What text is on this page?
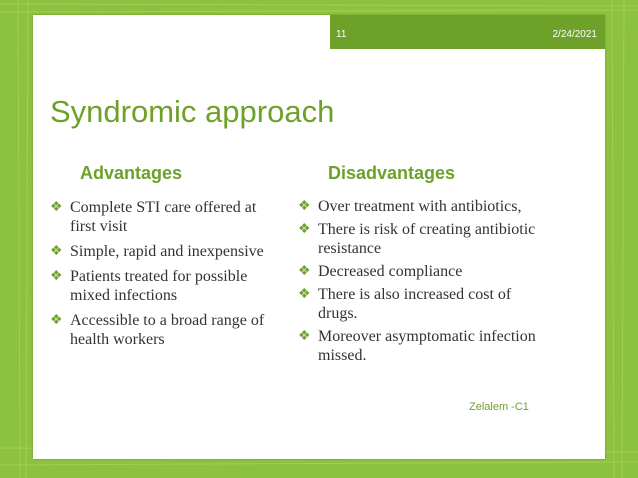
11	2/24/2021
Syndromic approach
Advantages	Disadvantages
❖ Complete STI care offered at first visit
❖ Simple, rapid and inexpensive
❖ Patients treated for possible mixed infections
❖ Accessible to a broad range of health workers
❖ Over treatment with antibiotics,
❖ There is risk of creating antibiotic resistance
❖ Decreased compliance
❖ There is also increased cost of drugs.
❖ Moreover asymptomatic infection missed.
Zelalem -C1
